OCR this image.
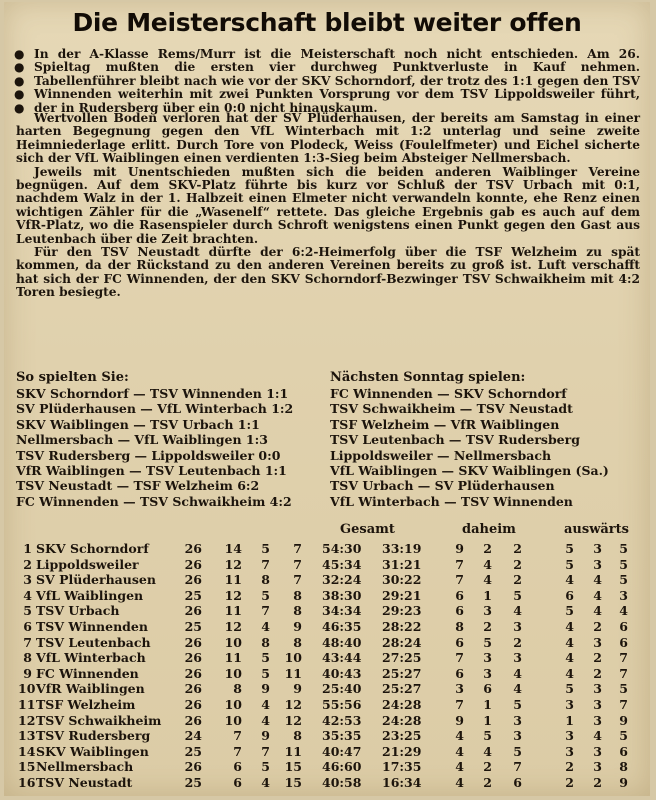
Die Meisterschaft bleibt weiter offen
●
●
●
●
●
In der A-Klasse Rems/Murr ist die Meisterschaft noch nicht entschieden. Am 26. Spieltag mußten die ersten vier durchweg Punktverluste in Kauf nehmen. Tabellenführer bleibt nach wie vor der SKV Schorndorf, der trotz des 1:1 gegen den TSV Winnenden weiterhin mit zwei Punkten Vorsprung vor dem TSV Lippoldsweiler führt, der in Rudersberg über ein 0:0 nicht hinauskaum.

Wertvollen Boden verloren hat der SV Plüderhausen, der bereits am Samstag in einer harten Begegnung gegen den VfL Winterbach mit 1:2 unterlag und seine zweite Heimniederlage erlitt. Durch Tore von Plodeck, Weiss (Foulelfmeter) und Eichel sicherte sich der VfL Waiblingen einen verdienten 1:3-Sieg beim Absteiger Nellmersbach.

Jeweils mit Unentschieden mußten sich die beiden anderen Waiblinger Vereine begnügen. Auf dem SKV-Platz führte bis kurz vor Schluß der TSV Urbach mit 0:1, nachdem Walz in der 1. Halbzeit einen Elmeter nicht verwandeln konnte, ehe Renz einen wichtigen Zähler für die „Wasenelf“ rettete. Das gleiche Ergebnis gab es auch auf dem VfR-Platz, wo die Rasenspieler durch Schroft wenigstens einen Punkt gegen den Gast aus Leutenbach über die Zeit brachten.

Für den TSV Neustadt dürfte der 6:2-Heimerfolg über die TSF Welzheim zu spät kommen, da der Rückstand zu den anderen Vereinen bereits zu groß ist. Luft verschafft hat sich der FC Winnenden, der den SKV Schorndorf-Bezwinger TSV Schwaikheim mit 4:2 Toren besiegte.

So spielten Sie:
SKV Schorndorf — TSV Winnenden 1:1
SV Plüderhausen — VfL Winterbach 1:2
SKV Waiblingen — TSV Urbach 1:1
Nellmersbach — VfL Waiblingen 1:3
TSV Rudersberg — Lippoldsweiler 0:0
VfR Waiblingen — TSV Leutenbach 1:1
TSV Neustadt — TSF Welzheim 6:2
FC Winnenden — TSV Schwaikheim 4:2
Nächsten Sonntag spielen:
FC Winnenden — SKV Schorndorf
TSV Schwaikheim — TSV Neustadt
TSF Welzheim — VfR Waiblingen
TSV Leutenbach — TSV Rudersberg
Lippoldsweiler — Nellmersbach
VfL Waiblingen — SKV Waiblingen (Sa.)
TSV Urbach — SV Plüderhausen
VfL Winterbach — TSV Winnenden
Gesamt	daheim	auswärts
1 SKV Schorndorf	26 14	5	7 54:30 33:19	9 2 2	5 3 5
2 Lippoldsweiler	26 12	7	7 45:34 31:21	7 4 2	5 3 5
3 SV Plüderhausen	26 11	8	7 32:24 30:22	7 4 2	4 4 5
4 VfL Waiblingen	25 12	5	8 38:30 29:21	6 1 5	6 4 3
5 TSV Urbach	26 11	7	8 34:34 29:23	6 3 4	5 4 4
6 TSV Winnenden	25 12	4	9 46:35 28:22	8 2 3	4 2 6
7 TSV Leutenbach	26 10	8	8 48:40 28:24	6 5 2	4 3 6
8 VfL Winterbach	26 11	5 10 43:44 27:25	7 3 3	4 2 7
9 FC Winnenden	26 10	5 11 40:43 25:27	6 3 4	4 2 7
10 VfR Waiblingen	26	8	9	9 25:40 25:27	3 6 4	5 3 5
11 TSF Welzheim	26 10	4 12 55:56 24:28	7 1 5	3 3 7
12 TSV Schwaikheim	26 10	4 12 42:53 24:28	9 1 3	1 3 9
13 TSV Rudersberg	24	7	9	8 35:35 23:25	4 5 3	3 4 5
14 SKV Waiblingen	25	7	7 11 40:47 21:29	4 4 5	3 3 6
15 Nellmersbach	26	6	5 15 46:60 17:35	4 2 7	2 3 8
16 TSV Neustadt	25	6	4 15 40:58 16:34	4 2 6	2 2 9
